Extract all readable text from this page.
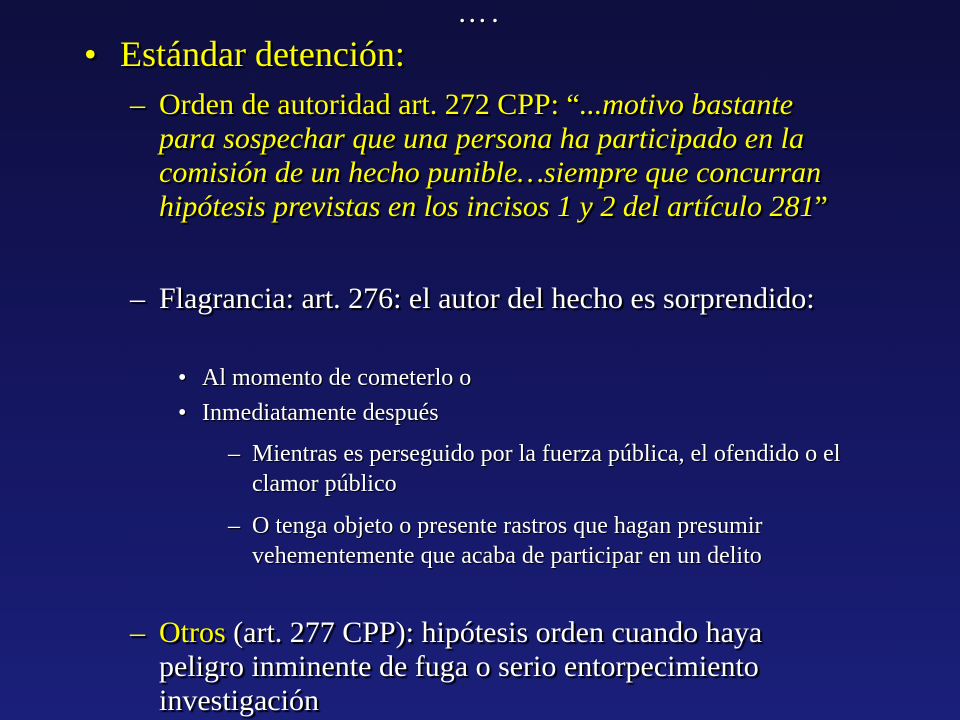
….
• Estándar detención:
– Orden de autoridad art. 272 CPP: “...motivo bastante para sospechar que una persona ha participado en la comisión de un hecho punible…siempre que concurran hipótesis previstas en los incisos 1 y 2 del artículo 281”
– Flagrancia: art. 276: el autor del hecho es sorprendido:
• Al momento de cometerlo o
• Inmediatamente después
– Mientras es perseguido por la fuerza pública, el ofendido o el clamor público
– O tenga objeto o presente rastros que hagan presumir vehementemente que acaba de participar en un delito
– Otros (art. 277 CPP): hipótesis orden cuando haya peligro inminente de fuga o serio entorpecimiento investigación
